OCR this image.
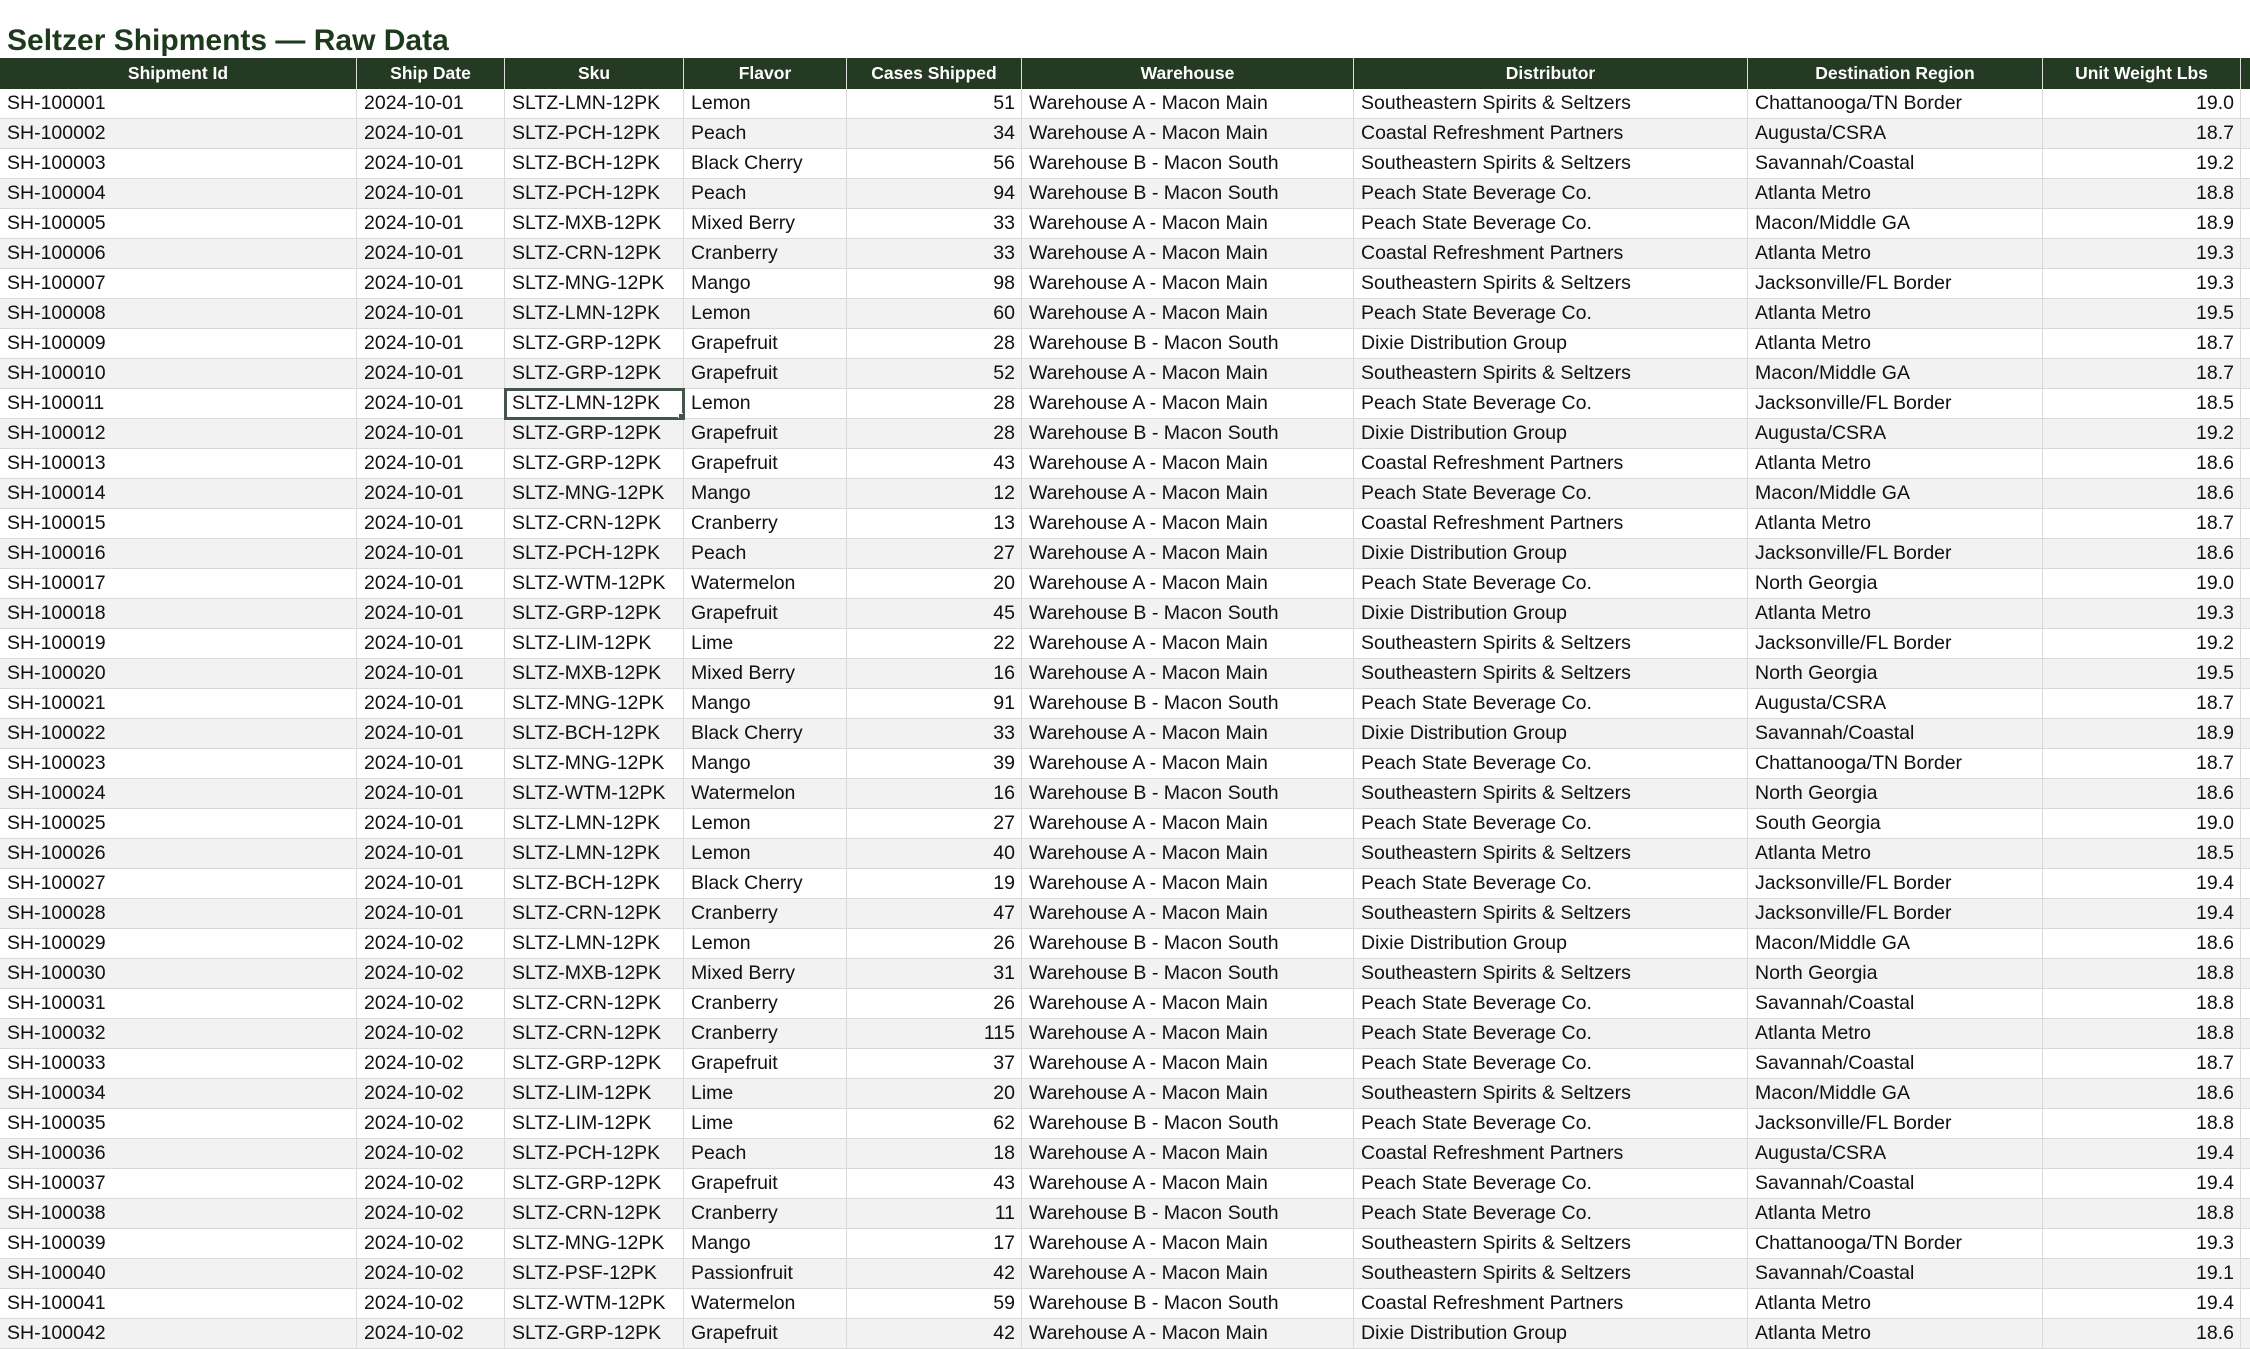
Seltzer Shipments — Raw Data
Shipment Id	Ship Date	Sku	Flavor	Cases Shipped	Warehouse	Distributor	Destination Region	Unit Weight Lbs
SH-100001	2024-10-01	SLTZ-LMN-12PK	Lemon	51 Warehouse A - Macon Main	Southeastern Spirits & Seltzers	Chattanooga/TN Border	19.0
SH-100002	2024-10-01	SLTZ-PCH-12PK	Peach	34 Warehouse A - Macon Main	Coastal Refreshment Partners	Augusta/CSRA	18.7
SH-100003	2024-10-01	SLTZ-BCH-12PK	Black Cherry	56 Warehouse B - Macon South	Southeastern Spirits & Seltzers	Savannah/Coastal	19.2
SH-100004	2024-10-01	SLTZ-PCH-12PK	Peach	94 Warehouse B - Macon South	Peach State Beverage Co.	Atlanta Metro	18.8
SH-100005	2024-10-01	SLTZ-MXB-12PK	Mixed Berry	33 Warehouse A - Macon Main	Peach State Beverage Co.	Macon/Middle GA	18.9
SH-100006	2024-10-01	SLTZ-CRN-12PK	Cranberry	33 Warehouse A - Macon Main	Coastal Refreshment Partners	Atlanta Metro	19.3
SH-100007	2024-10-01	SLTZ-MNG-12PK	Mango	98 Warehouse A - Macon Main	Southeastern Spirits & Seltzers	Jacksonville/FL Border	19.3
SH-100008	2024-10-01	SLTZ-LMN-12PK	Lemon	60 Warehouse A - Macon Main	Peach State Beverage Co.	Atlanta Metro	19.5
SH-100009	2024-10-01	SLTZ-GRP-12PK	Grapefruit	28 Warehouse B - Macon South	Dixie Distribution Group	Atlanta Metro	18.7
SH-100010	2024-10-01	SLTZ-GRP-12PK	Grapefruit	52 Warehouse A - Macon Main	Southeastern Spirits & Seltzers	Macon/Middle GA	18.7
SH-100011	2024-10-01	SLTZ-LMN-12PK	Lemon	28 Warehouse A - Macon Main	Peach State Beverage Co.	Jacksonville/FL Border	18.5
SH-100012	2024-10-01	SLTZ-GRP-12PK	Grapefruit	28 Warehouse B - Macon South	Dixie Distribution Group	Augusta/CSRA	19.2
SH-100013	2024-10-01	SLTZ-GRP-12PK	Grapefruit	43 Warehouse A - Macon Main	Coastal Refreshment Partners	Atlanta Metro	18.6
SH-100014	2024-10-01	SLTZ-MNG-12PK	Mango	12 Warehouse A - Macon Main	Peach State Beverage Co.	Macon/Middle GA	18.6
SH-100015	2024-10-01	SLTZ-CRN-12PK	Cranberry	13 Warehouse A - Macon Main	Coastal Refreshment Partners	Atlanta Metro	18.7
SH-100016	2024-10-01	SLTZ-PCH-12PK	Peach	27 Warehouse A - Macon Main	Dixie Distribution Group	Jacksonville/FL Border	18.6
SH-100017	2024-10-01	SLTZ-WTM-12PK	Watermelon	20 Warehouse A - Macon Main	Peach State Beverage Co.	North Georgia	19.0
SH-100018	2024-10-01	SLTZ-GRP-12PK	Grapefruit	45 Warehouse B - Macon South	Dixie Distribution Group	Atlanta Metro	19.3
SH-100019	2024-10-01	SLTZ-LIM-12PK	Lime	22 Warehouse A - Macon Main	Southeastern Spirits & Seltzers	Jacksonville/FL Border	19.2
SH-100020	2024-10-01	SLTZ-MXB-12PK	Mixed Berry	16 Warehouse A - Macon Main	Southeastern Spirits & Seltzers	North Georgia	19.5
SH-100021	2024-10-01	SLTZ-MNG-12PK	Mango	91 Warehouse B - Macon South	Peach State Beverage Co.	Augusta/CSRA	18.7
SH-100022	2024-10-01	SLTZ-BCH-12PK	Black Cherry	33 Warehouse A - Macon Main	Dixie Distribution Group	Savannah/Coastal	18.9
SH-100023	2024-10-01	SLTZ-MNG-12PK	Mango	39 Warehouse A - Macon Main	Peach State Beverage Co.	Chattanooga/TN Border	18.7
SH-100024	2024-10-01	SLTZ-WTM-12PK	Watermelon	16 Warehouse B - Macon South	Southeastern Spirits & Seltzers	North Georgia	18.6
SH-100025	2024-10-01	SLTZ-LMN-12PK	Lemon	27 Warehouse A - Macon Main	Peach State Beverage Co.	South Georgia	19.0
SH-100026	2024-10-01	SLTZ-LMN-12PK	Lemon	40 Warehouse A - Macon Main	Southeastern Spirits & Seltzers	Atlanta Metro	18.5
SH-100027	2024-10-01	SLTZ-BCH-12PK	Black Cherry	19 Warehouse A - Macon Main	Peach State Beverage Co.	Jacksonville/FL Border	19.4
SH-100028	2024-10-01	SLTZ-CRN-12PK	Cranberry	47 Warehouse A - Macon Main	Southeastern Spirits & Seltzers	Jacksonville/FL Border	19.4
SH-100029	2024-10-02	SLTZ-LMN-12PK	Lemon	26 Warehouse B - Macon South	Dixie Distribution Group	Macon/Middle GA	18.6
SH-100030	2024-10-02	SLTZ-MXB-12PK	Mixed Berry	31 Warehouse B - Macon South	Southeastern Spirits & Seltzers	North Georgia	18.8
SH-100031	2024-10-02	SLTZ-CRN-12PK	Cranberry	26 Warehouse A - Macon Main	Peach State Beverage Co.	Savannah/Coastal	18.8
SH-100032	2024-10-02	SLTZ-CRN-12PK	Cranberry	115 Warehouse A - Macon Main	Peach State Beverage Co.	Atlanta Metro	18.8
SH-100033	2024-10-02	SLTZ-GRP-12PK	Grapefruit	37 Warehouse A - Macon Main	Peach State Beverage Co.	Savannah/Coastal	18.7
SH-100034	2024-10-02	SLTZ-LIM-12PK	Lime	20 Warehouse A - Macon Main	Southeastern Spirits & Seltzers	Macon/Middle GA	18.6
SH-100035	2024-10-02	SLTZ-LIM-12PK	Lime	62 Warehouse B - Macon South	Peach State Beverage Co.	Jacksonville/FL Border	18.8
SH-100036	2024-10-02	SLTZ-PCH-12PK	Peach	18 Warehouse A - Macon Main	Coastal Refreshment Partners	Augusta/CSRA	19.4
SH-100037	2024-10-02	SLTZ-GRP-12PK	Grapefruit	43 Warehouse A - Macon Main	Peach State Beverage Co.	Savannah/Coastal	19.4
SH-100038	2024-10-02	SLTZ-CRN-12PK	Cranberry	11 Warehouse B - Macon South	Peach State Beverage Co.	Atlanta Metro	18.8
SH-100039	2024-10-02	SLTZ-MNG-12PK	Mango	17 Warehouse A - Macon Main	Southeastern Spirits & Seltzers	Chattanooga/TN Border	19.3
SH-100040	2024-10-02	SLTZ-PSF-12PK	Passionfruit	42 Warehouse A - Macon Main	Southeastern Spirits & Seltzers	Savannah/Coastal	19.1
SH-100041	2024-10-02	SLTZ-WTM-12PK	Watermelon	59 Warehouse B - Macon South	Coastal Refreshment Partners	Atlanta Metro	19.4
SH-100042	2024-10-02	SLTZ-GRP-12PK	Grapefruit	42 Warehouse A - Macon Main	Dixie Distribution Group	Atlanta Metro	18.6
